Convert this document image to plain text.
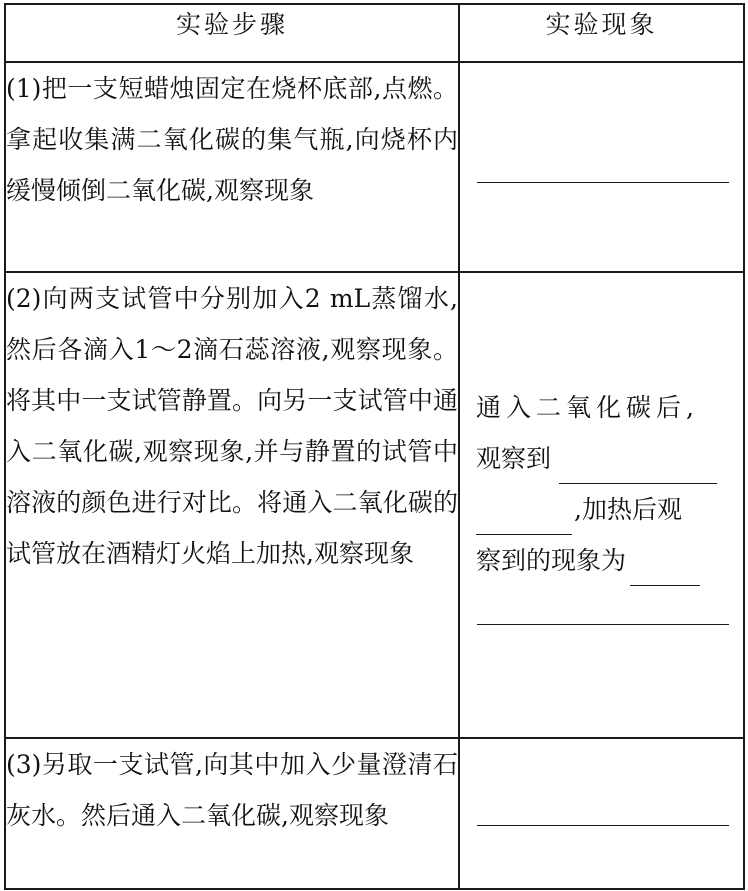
实验步骤	实验现象
(1)把一支短蜡烛固定在烧杯底部,点燃。拿起收集满二氧化碳的集气瓶,向烧杯内缓慢倾倒二氧化碳,观察现象	

(2)向两支试管中分别加入2 mL蒸馏水,然后各滴入1～2滴石蕊溶液,观察现象。将其中一支试管静置。向另一支试管中通入二氧化碳,观察现象,并与静置的试管中溶液的颜色进行对比。将通入二氧化碳的试管放在酒精灯火焰上加热,观察现象	通入二氧化碳后,
观察到
,加热后观
察到的现象为

(3)另取一支试管,向其中加入少量澄清石灰水。然后通入二氧化碳,观察现象	
